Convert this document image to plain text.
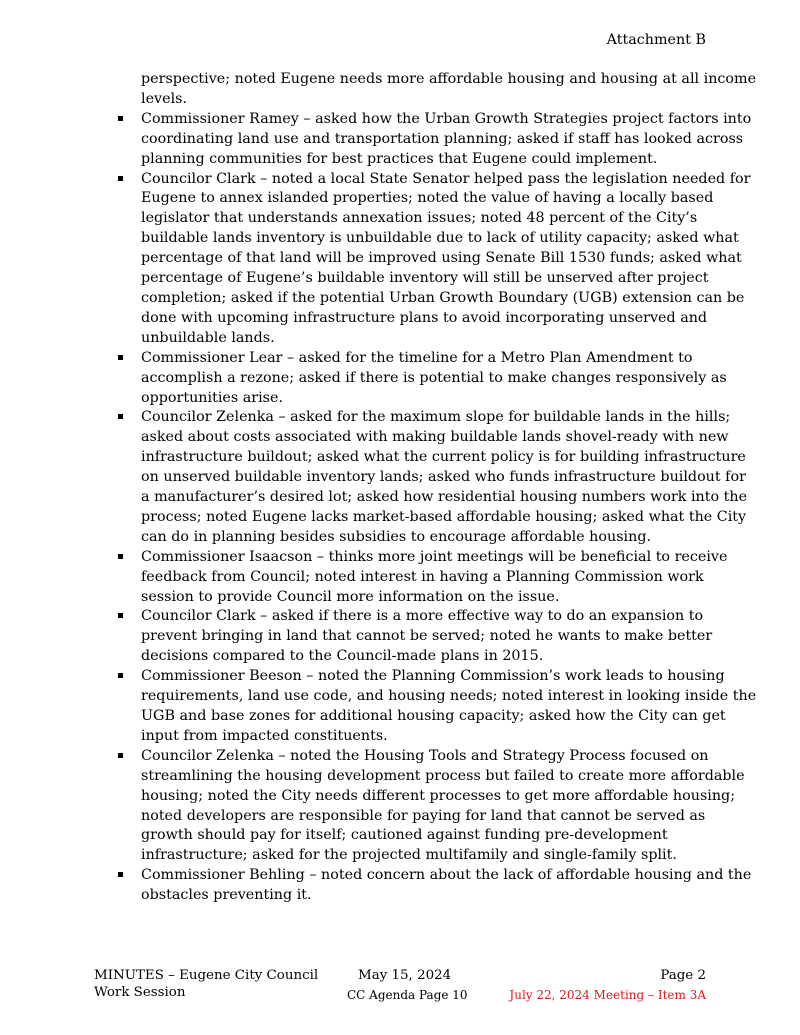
Attachment B

perspective; noted Eugene needs more affordable housing and housing at all income
levels.

Commissioner Ramey – asked how the Urban Growth Strategies project factors into
coordinating land use and transportation planning; asked if staff has looked across
planning communities for best practices that Eugene could implement.
Councilor Clark – noted a local State Senator helped pass the legislation needed for
Eugene to annex islanded properties; noted the value of having a locally based
legislator that understands annexation issues; noted 48 percent of the City’s
buildable lands inventory is unbuildable due to lack of utility capacity; asked what
percentage of that land will be improved using Senate Bill 1530 funds; asked what
percentage of Eugene’s buildable inventory will still be unserved after project
completion; asked if the potential Urban Growth Boundary (UGB) extension can be
done with upcoming infrastructure plans to avoid incorporating unserved and
unbuildable lands.
Commissioner Lear – asked for the timeline for a Metro Plan Amendment to
accomplish a rezone; asked if there is potential to make changes responsively as
opportunities arise.
Councilor Zelenka – asked for the maximum slope for buildable lands in the hills;
asked about costs associated with making buildable lands shovel-ready with new
infrastructure buildout; asked what the current policy is for building infrastructure
on unserved buildable inventory lands; asked who funds infrastructure buildout for
a manufacturer’s desired lot; asked how residential housing numbers work into the
process; noted Eugene lacks market-based affordable housing; asked what the City
can do in planning besides subsidies to encourage affordable housing.
Commissioner Isaacson – thinks more joint meetings will be beneficial to receive
feedback from Council; noted interest in having a Planning Commission work
session to provide Council more information on the issue.
Councilor Clark – asked if there is a more effective way to do an expansion to
prevent bringing in land that cannot be served; noted he wants to make better
decisions compared to the Council-made plans in 2015.
Commissioner Beeson – noted the Planning Commission’s work leads to housing
requirements, land use code, and housing needs; noted interest in looking inside the
UGB and base zones for additional housing capacity; asked how the City can get
input from impacted constituents.
Councilor Zelenka – noted the Housing Tools and Strategy Process focused on
streamlining the housing development process but failed to create more affordable
housing; noted the City needs different processes to get more affordable housing;
noted developers are responsible for paying for land that cannot be served as
growth should pay for itself; cautioned against funding pre-development
infrastructure; asked for the projected multifamily and single-family split.
Commissioner Behling – noted concern about the lack of affordable housing and the
obstacles preventing it.
MINUTES – Eugene City Council
Work Session
May 15, 2024
CC Agenda Page 10
Page 2
July 22, 2024 Meeting – Item 3A
